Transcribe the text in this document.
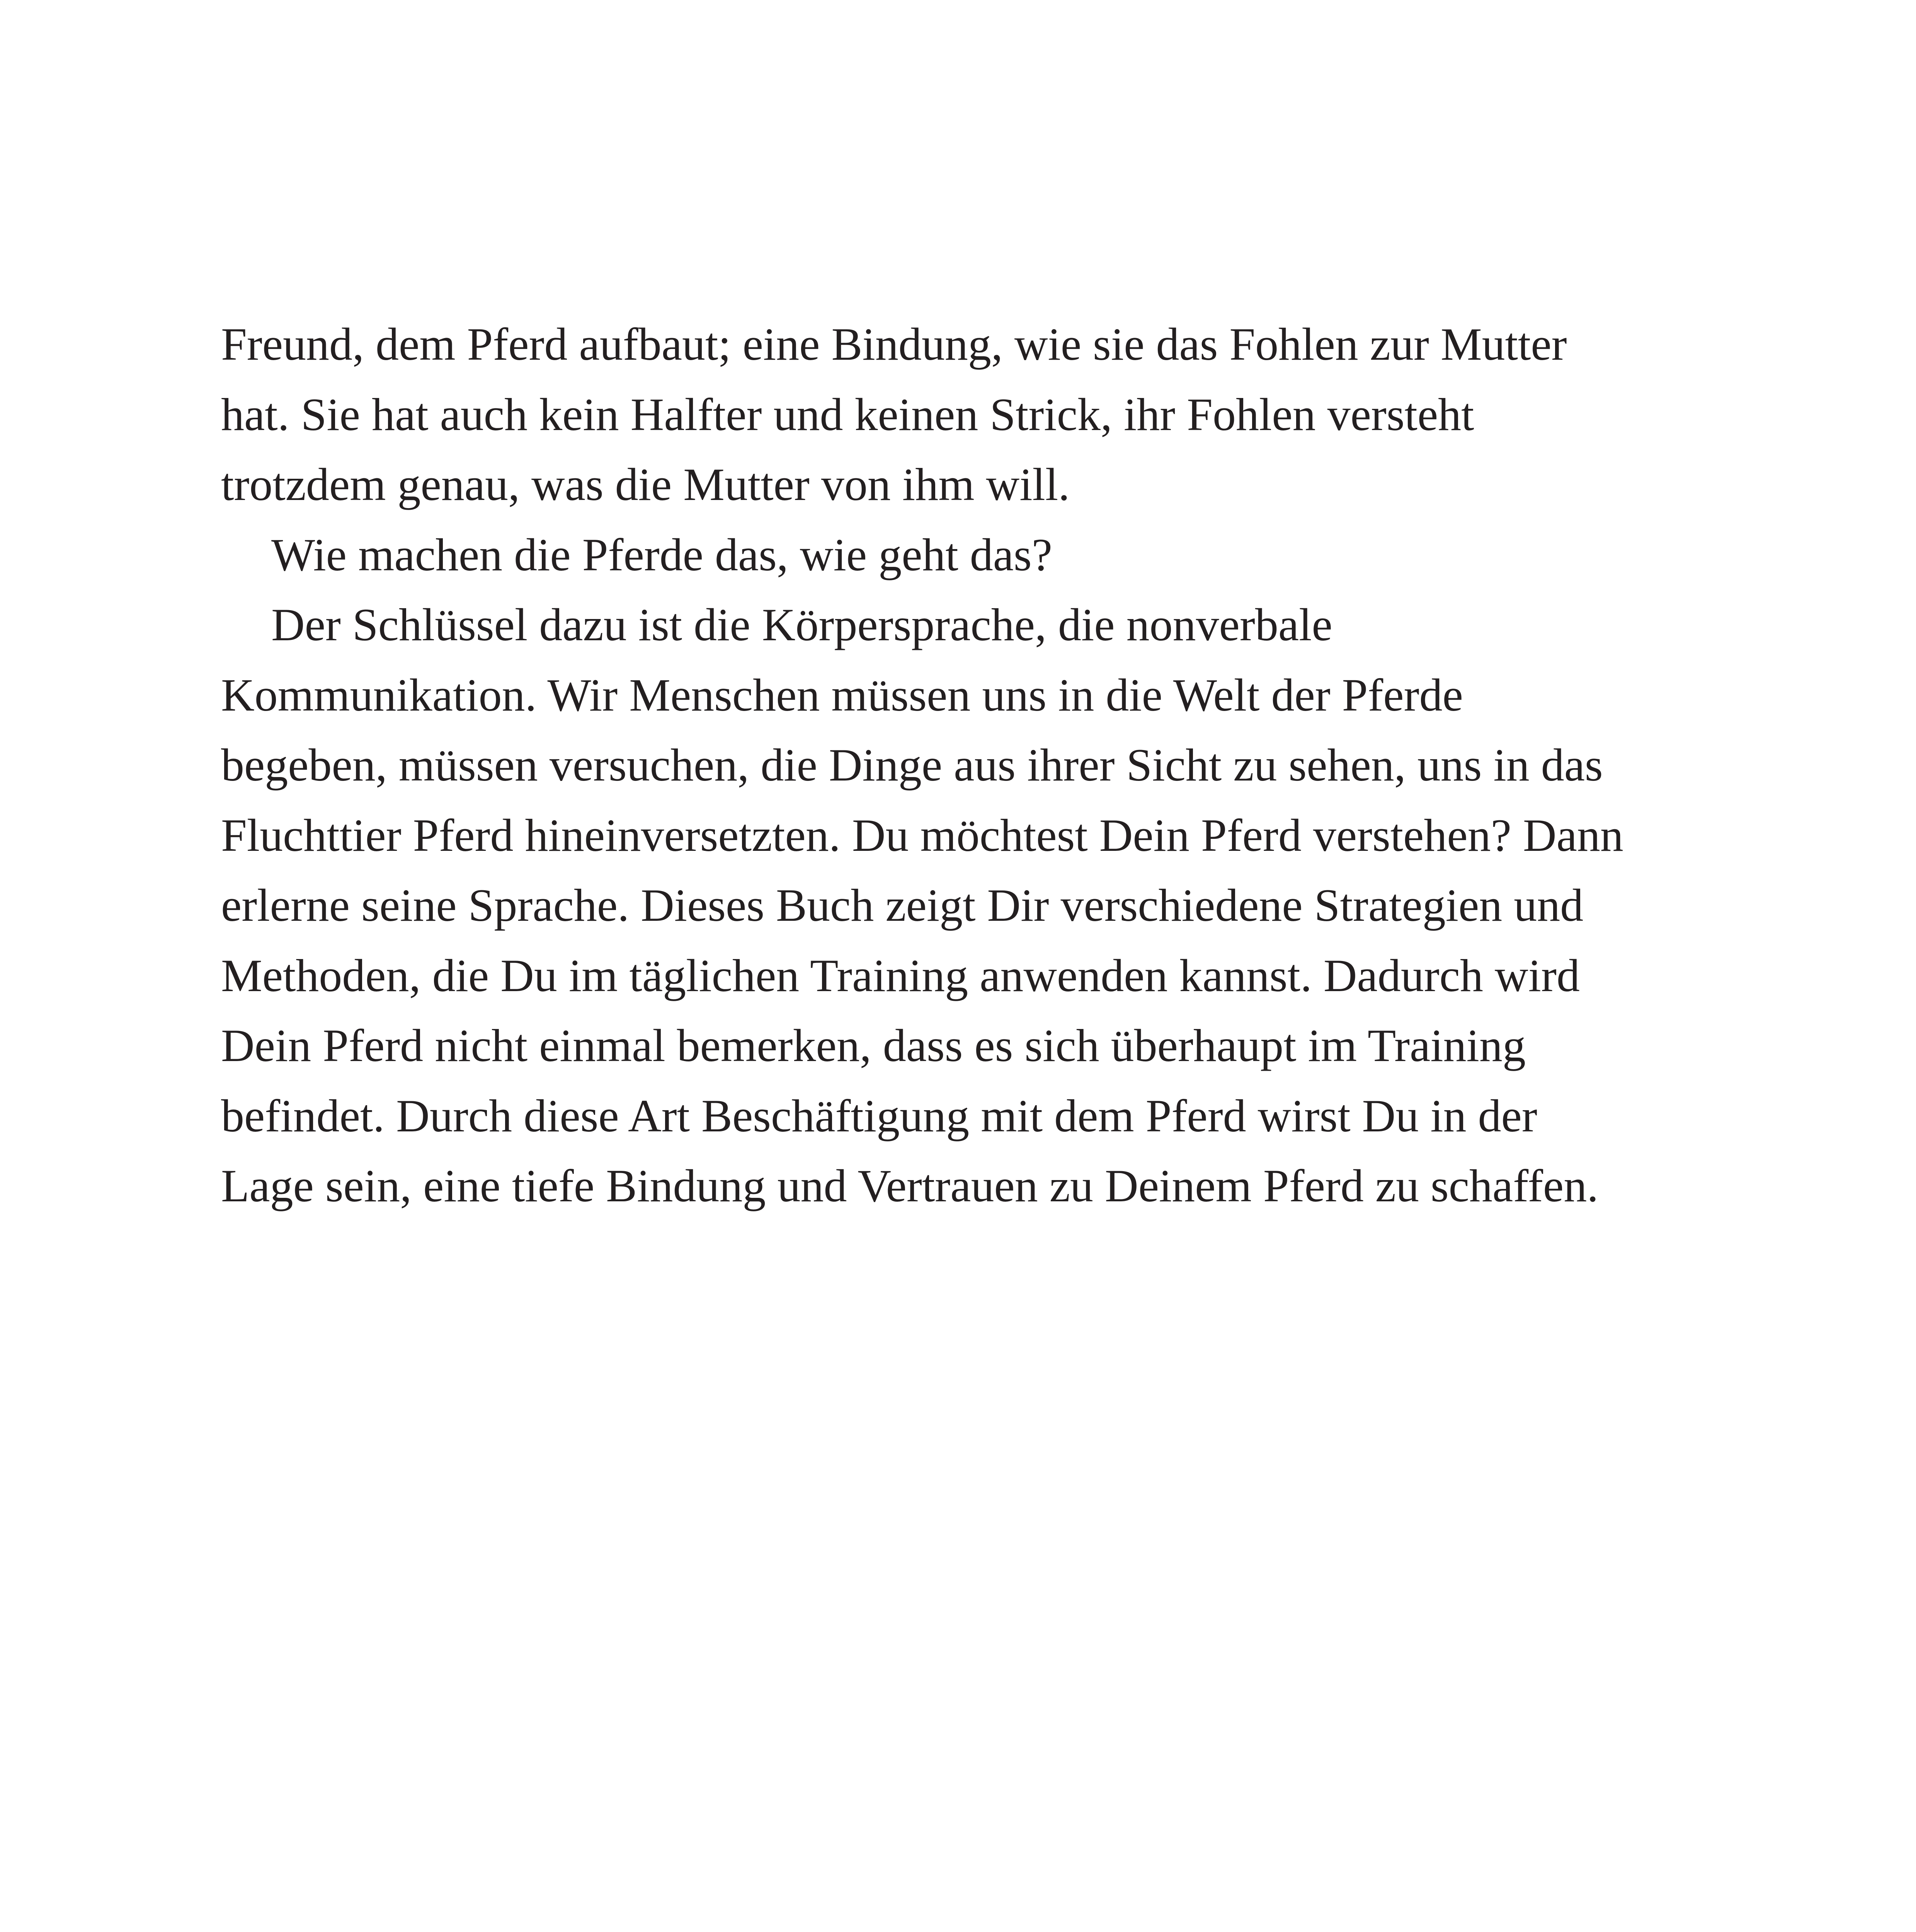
Freund, dem Pferd aufbaut; eine Bindung, wie sie das Fohlen zur Mutter
hat. Sie hat auch kein Halfter und keinen Strick, ihr Fohlen versteht
trotzdem genau, was die Mutter von ihm will.
Wie machen die Pferde das, wie geht das?
Der Schlüssel dazu ist die Körpersprache, die nonverbale
Kommunikation. Wir Menschen müssen uns in die Welt der Pferde
begeben, müssen versuchen, die Dinge aus ihrer Sicht zu sehen, uns in das
Fluchttier Pferd hineinversetzten. Du möchtest Dein Pferd verstehen? Dann
erlerne seine Sprache. Dieses Buch zeigt Dir verschiedene Strategien und
Methoden, die Du im täglichen Training anwenden kannst. Dadurch wird
Dein Pferd nicht einmal bemerken, dass es sich überhaupt im Training
befindet. Durch diese Art Beschäftigung mit dem Pferd wirst Du in der
Lage sein, eine tiefe Bindung und Vertrauen zu Deinem Pferd zu schaffen.
